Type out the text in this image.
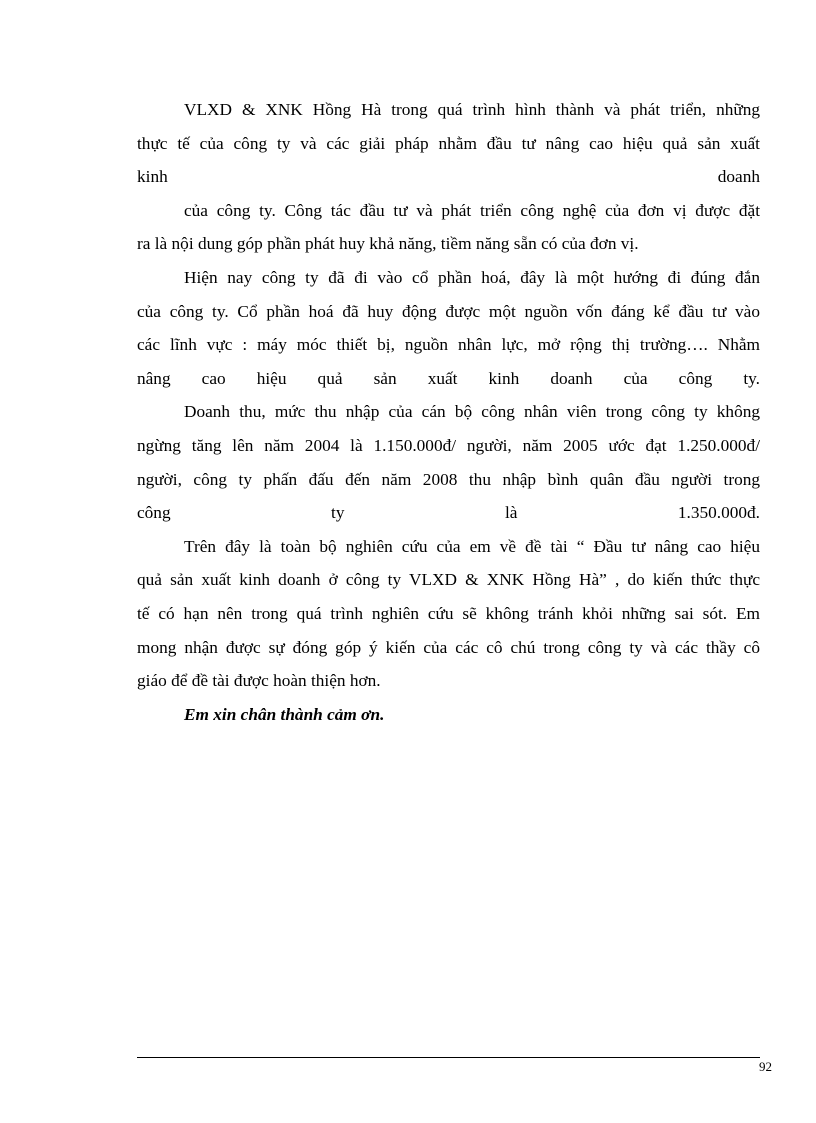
VLXD & XNK Hồng Hà trong quá trình hình thành và phát triển, những
thực tế của công ty và các giải pháp nhằm đầu tư nâng cao hiệu quả sản xuất
kinh doanh
của công ty. Công tác đầu tư và phát triển công nghệ của đơn vị được đặt
ra là nội dung góp phần phát huy khả năng, tiềm năng sẵn có của đơn vị.
Hiện nay công ty đã đi vào cổ phần hoá, đây là một hướng đi đúng đắn
của công ty. Cổ phần hoá đã huy động được một nguồn vốn đáng kể đầu tư vào
các lĩnh vực : máy móc thiết bị, nguồn nhân lực, mở rộng thị trường…. Nhằm
nâng cao hiệu quả sản xuất kinh doanh của công ty.
Doanh thu, mức thu nhập của cán bộ công nhân viên trong công ty không
ngừng tăng lên năm 2004 là 1.150.000đ/ người, năm 2005 ước đạt 1.250.000đ/
người, công ty phấn đấu đến năm 2008 thu nhập bình quân đầu người trong
công ty là 1.350.000đ.
Trên đây là toàn bộ nghiên cứu của em về đề tài “ Đầu tư nâng cao hiệu
quả sản xuất kinh doanh ở công ty VLXD & XNK Hồng Hà” , do kiến thức thực
tế có hạn nên trong quá trình nghiên cứu sẽ không tránh khỏi những sai sót. Em
mong nhận được sự đóng góp ý kiến của các cô chú trong công ty và các thầy cô
giáo để đề tài được hoàn thiện hơn.
Em xin chân thành cảm ơn.
92
